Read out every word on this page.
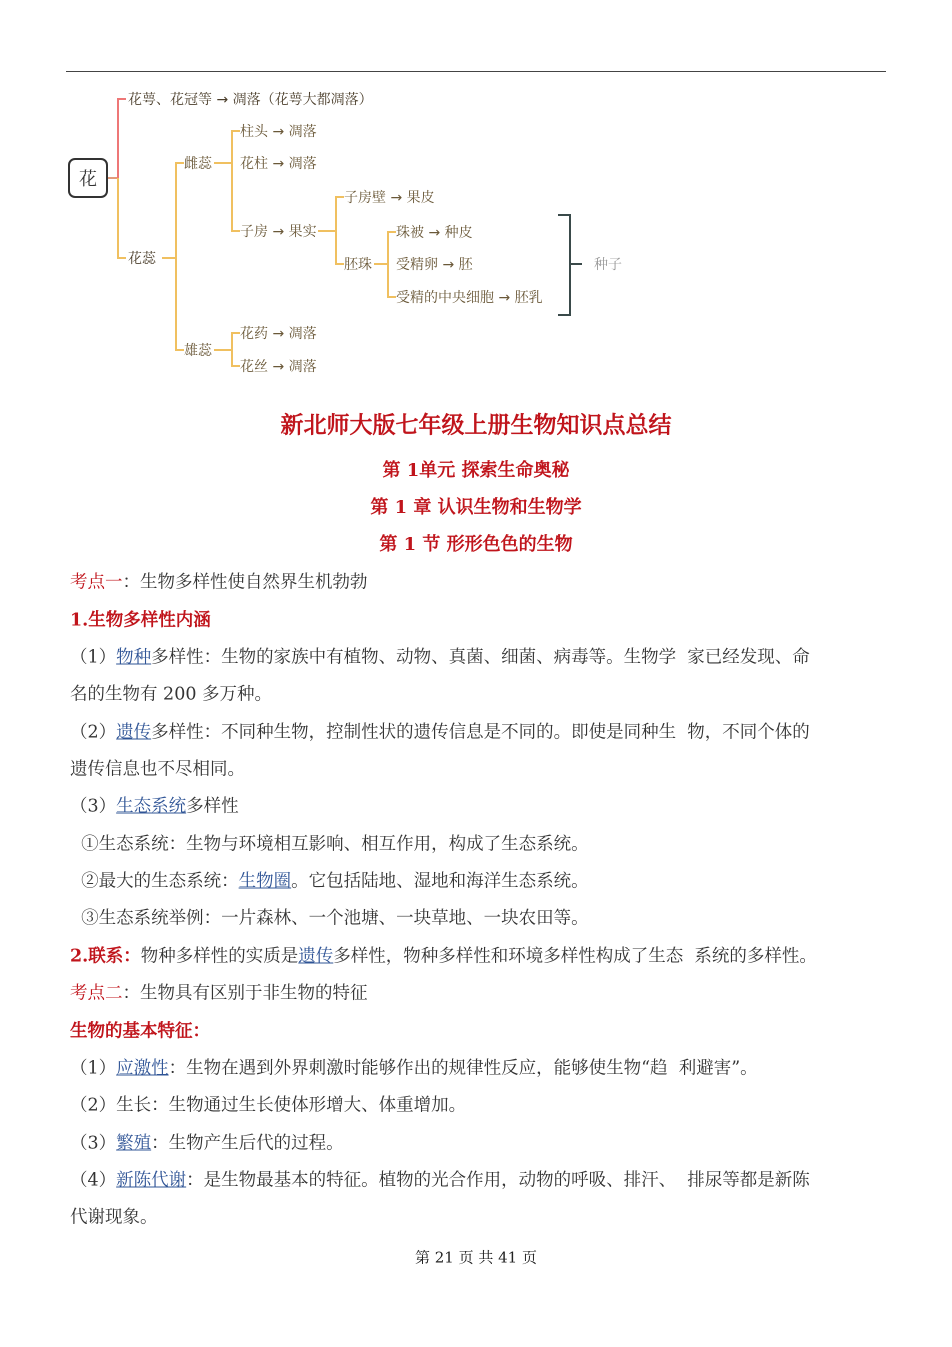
花
花萼、花冠等 → 凋落（花萼大都凋落）
花蕊
雌蕊
雄蕊
柱头 → 凋落
花柱 → 凋落
子房 → 果实
子房壁 → 果皮
胚珠
珠被 → 种皮
受精卵 → 胚
受精的中央细胞 → 胚乳
种子
花药 → 凋落
花丝 → 凋落
新北师大版七年级上册生物知识点总结
第 1单元 探索生命奥秘
第 1 章 认识生物和生物学
第 1 节 形形色色的生物
考点一：生物多样性使自然界生机勃勃
1.生物多样性内涵
（1）物种多样性：生物的家族中有植物、动物、真菌、细菌、病毒等。生物学  家已经发现、命
名的生物有 200 多万种。
（2）遗传多样性：不同种生物，控制性状的遗传信息是不同的。即使是同种生  物，不同个体的
遗传信息也不尽相同。
（3）生态系统多样性
①生态系统：生物与环境相互影响、相互作用，构成了生态系统。
②最大的生态系统：生物圈。它包括陆地、湿地和海洋生态系统。
③生态系统举例：一片森林、一个池塘、一块草地、一块农田等。
2.联系：物种多样性的实质是遗传多样性，物种多样性和环境多样性构成了生态  系统的多样性。
考点二：生物具有区别于非生物的特征
生物的基本特征：
（1）应激性：生物在遇到外界刺激时能够作出的规律性反应，能够使生物“趋  利避害”。
（2）生长：生物通过生长使体形增大、体重增加。
（3）繁殖：生物产生后代的过程。
（4）新陈代谢：是生物最基本的特征。植物的光合作用，动物的呼吸、排汗、  排尿等都是新陈
代谢现象。
第 21 页 共 41 页
